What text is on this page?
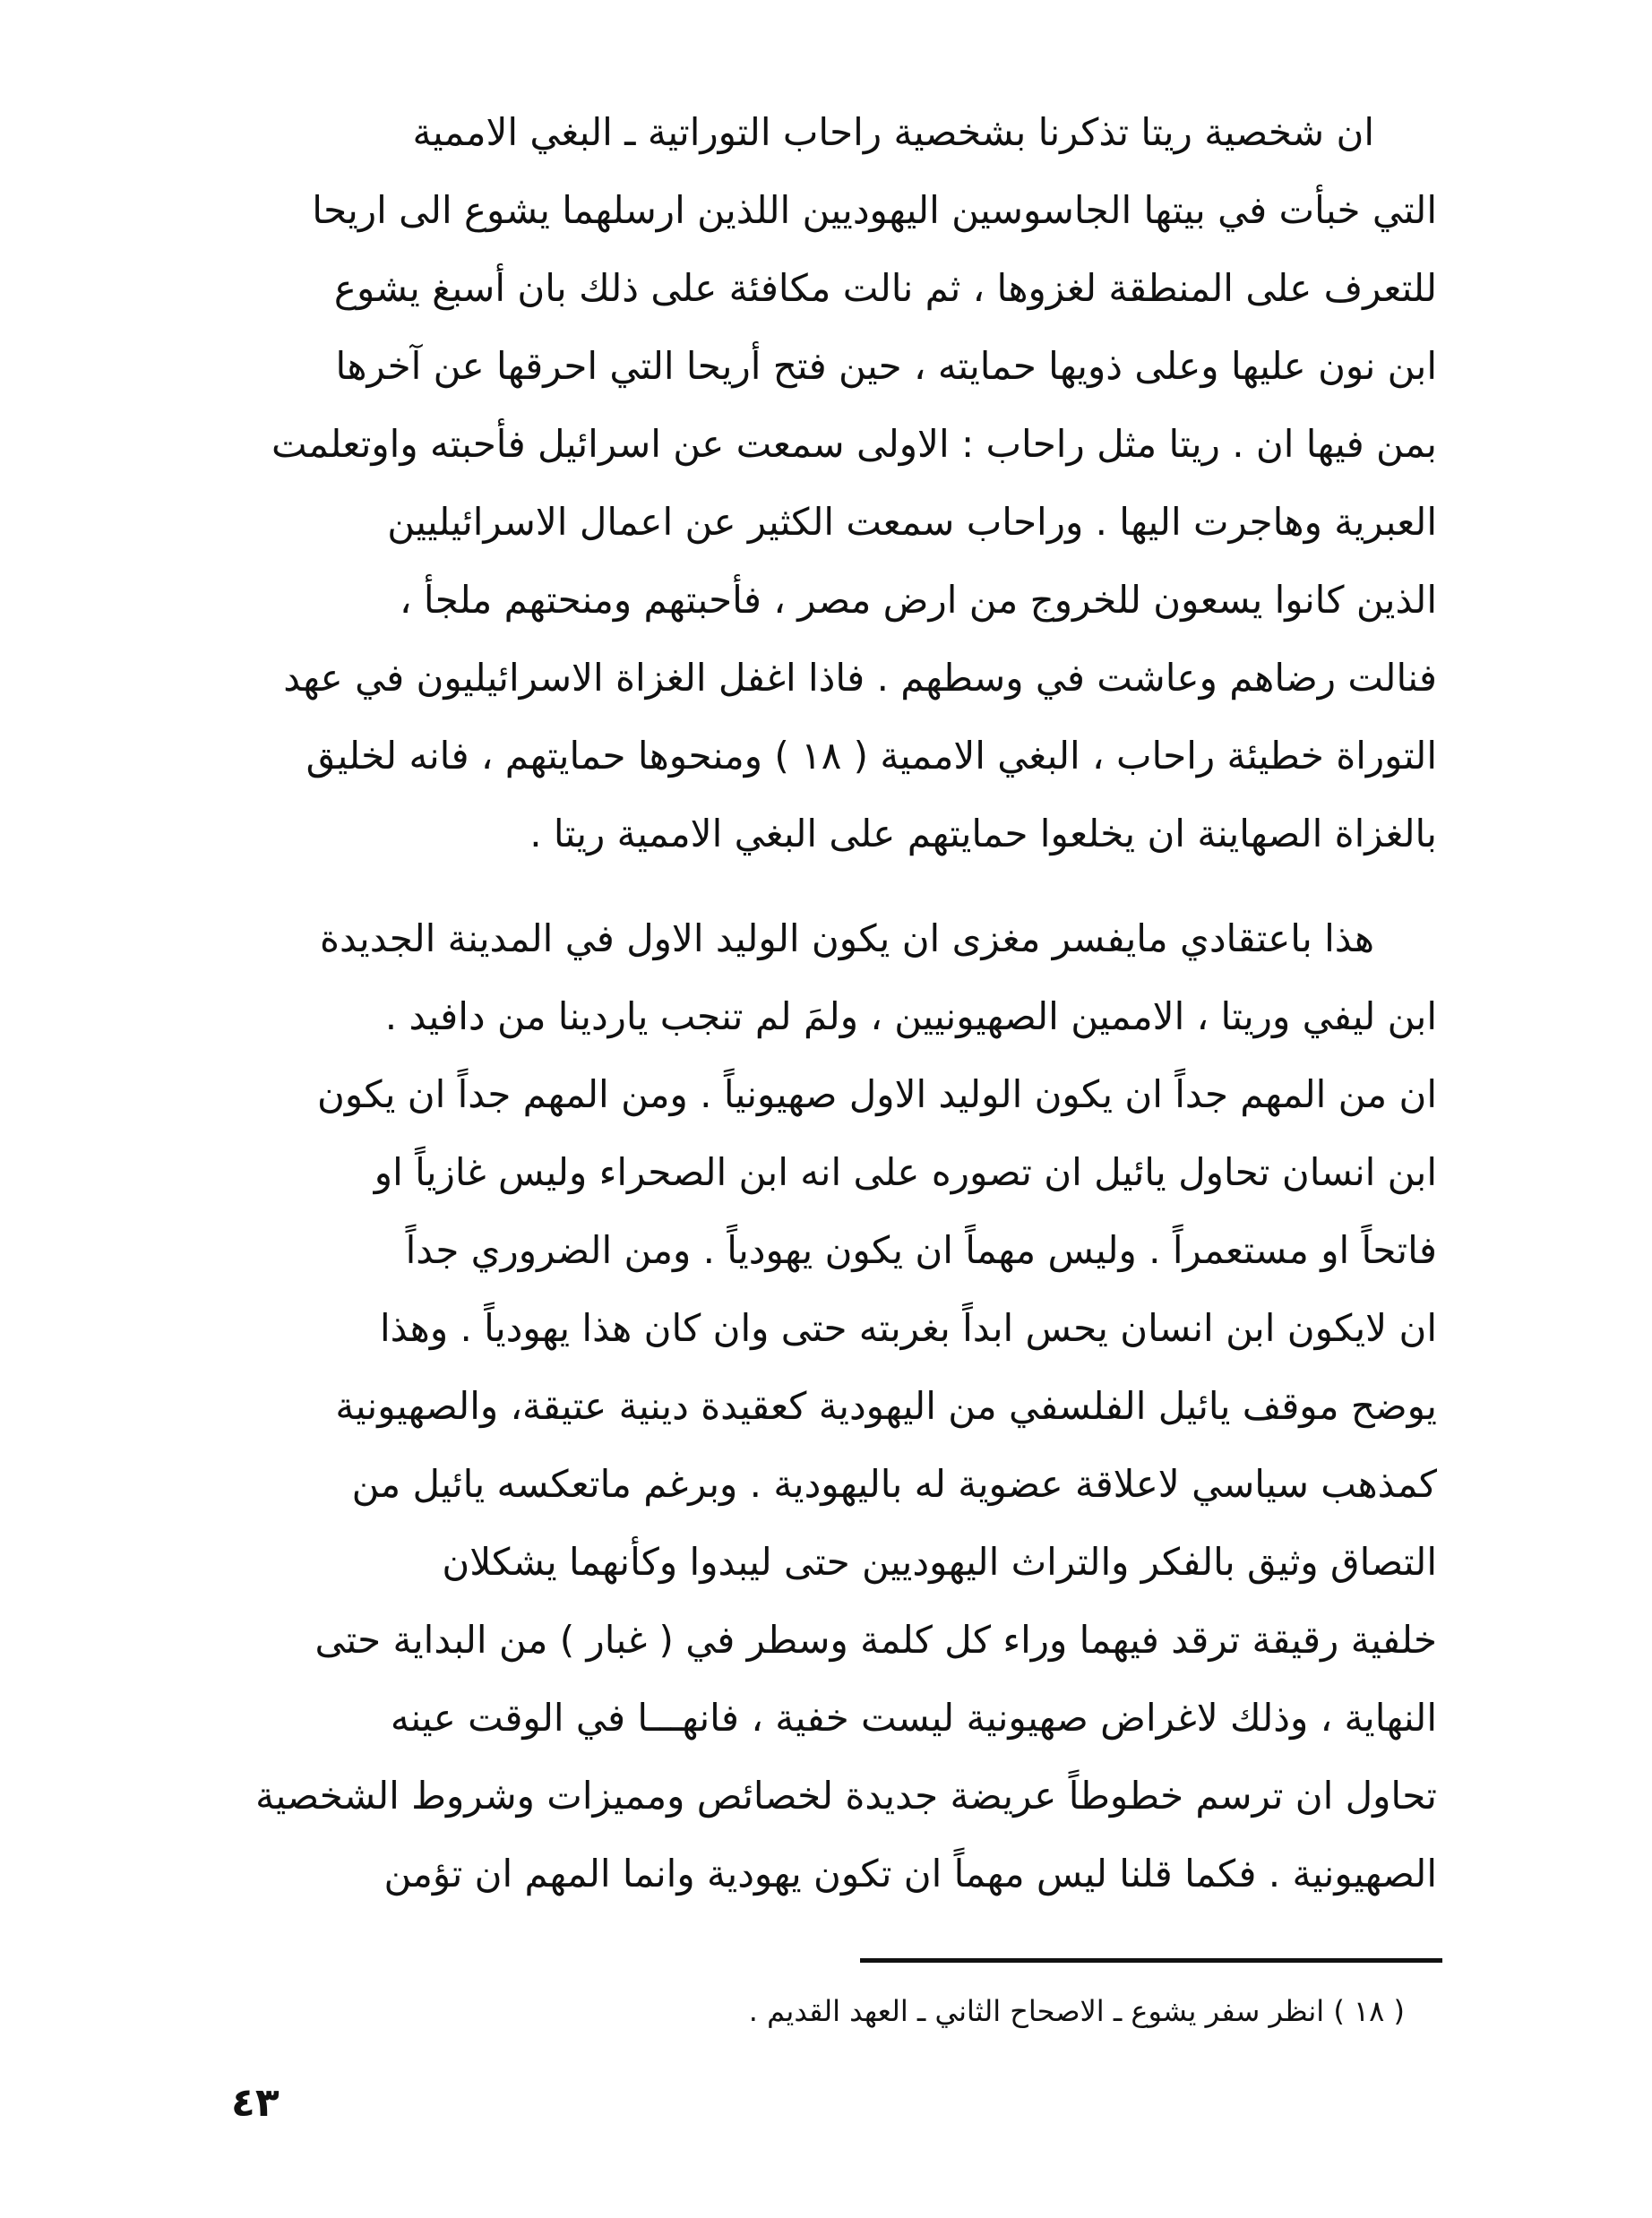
ان شخصية ريتا تذكرنا بشخصية راحاب التوراتية ـ البغي الاممية
التي خبأت في بيتها الجاسوسين اليهوديين اللذين ارسلهما يشوع الى اريحا
للتعرف على المنطقة لغزوها ، ثم نالت مكافئة على ذلك بان أسبغ يشوع
ابن نون عليها وعلى ذويها حمايته ، حين فتح أريحا التي احرقها عن آخرها
بمن فيها ان . ريتا مثل راحاب : الاولى سمعت عن اسرائيل فأحبته واوتعلمت
العبرية وهاجرت اليها . وراحاب سمعت الكثير عن اعمال الاسرائيليين
الذين كانوا يسعون للخروج من ارض مصر ، فأحبتهم ومنحتهم ملجأ ،
فنالت رضاهم وعاشت في وسطهم . فاذا اغفل الغزاة الاسرائيليون في عهد
التوراة خطيئة راحاب ، البغي الاممية ( ١٨ ) ومنحوها حمايتهم ، فانه لخليق
بالغزاة الصهاينة ان يخلعوا حمايتهم على البغي الاممية ريتا .
هذا باعتقادي مايفسر مغزى ان يكون الوليد الاول في المدينة الجديدة
ابن ليفي وريتا ، الاممين الصهيونيين ، ولمَ لم تنجب ياردينا من دافيد .
ان من المهم جداً ان يكون الوليد الاول صهيونياً . ومن المهم جداً ان يكون
ابن انسان تحاول يائيل ان تصوره على انه ابن الصحراء وليس غازياً او
فاتحاً او مستعمراً . وليس مهماً ان يكون يهودياً . ومن الضروري جداً
ان لايكون ابن انسان يحس ابداً بغربته حتى وان كان هذا يهودياً . وهذا
يوضح موقف يائيل الفلسفي من اليهودية كعقيدة دينية عتيقة، والصهيونية
كمذهب سياسي لاعلاقة عضوية له باليهودية . وبرغم ماتعكسه يائيل من
التصاق وثيق بالفكر والتراث اليهوديين حتى ليبدوا وكأنهما يشكلان
خلفية رقيقة ترقد فيهما وراء كل كلمة وسطر في ( غبار ) من البداية حتى
النهاية ، وذلك لاغراض صهيونية ليست خفية ، فانهـــا في الوقت عينه
تحاول ان ترسم خطوطاً عريضة جديدة لخصائص ومميزات وشروط الشخصية
الصهيونية . فكما قلنا ليس مهماً ان تكون يهودية وانما المهم ان تؤمن

( ١٨ ) انظر سفر يشوع ـ الاصحاح الثاني ـ العهد القديم .

٤٣
